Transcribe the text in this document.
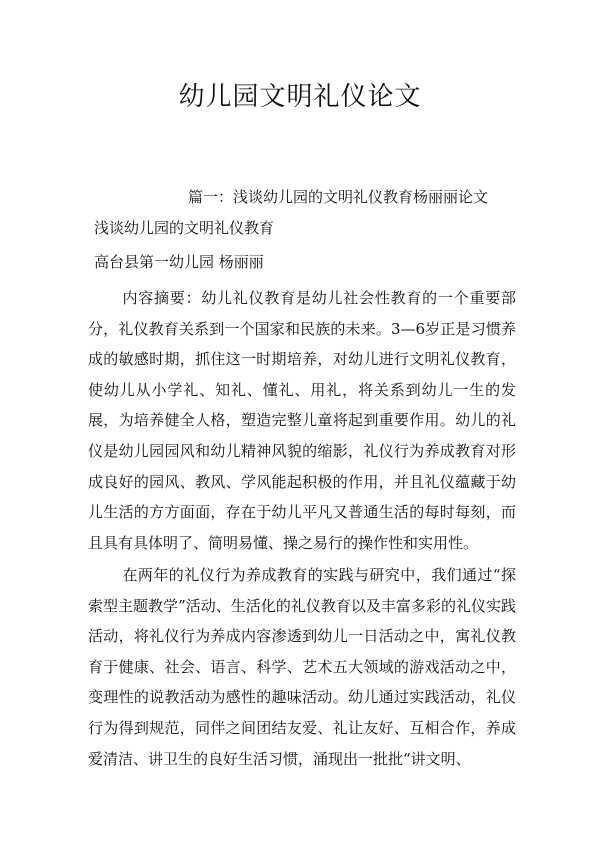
幼儿园文明礼仪论文

篇一：浅谈幼儿园的文明礼仪教育杨丽丽论文

浅谈幼儿园的文明礼仪教育

高台县第一幼儿园 杨丽丽

内容摘要：幼儿礼仪教育是幼儿社会性教育的一个重要部分，礼仪教育关系到一个国家和民族的未来。3—6岁正是习惯养成的敏感时期，抓住这一时期培养，对幼儿进行文明礼仪教育，使幼儿从小学礼、知礼、懂礼、用礼，将关系到幼儿一生的发展，为培养健全人格，塑造完整儿童将起到重要作用。幼儿的礼仪是幼儿园园风和幼儿精神风貌的缩影，礼仪行为养成教育对形成良好的园风、教风、学风能起积极的作用，并且礼仪蕴藏于幼儿生活的方方面面，存在于幼儿平凡又普通生活的每时每刻，而且具有具体明了、简明易懂、操之易行的操作性和实用性。

在两年的礼仪行为养成教育的实践与研究中，我们通过“探索型主题教学”活动、生活化的礼仪教育以及丰富多彩的礼仪实践活动，将礼仪行为养成内容渗透到幼儿一日活动之中，寓礼仪教育于健康、社会、语言、科学、艺术五大领域的游戏活动之中，变理性的说教活动为感性的趣味活动。幼儿通过实践活动，礼仪行为得到规范，同伴之间团结友爱、礼让友好、互相合作，养成爱清洁、讲卫生的良好生活习惯，涌现出一批批“讲文明、
